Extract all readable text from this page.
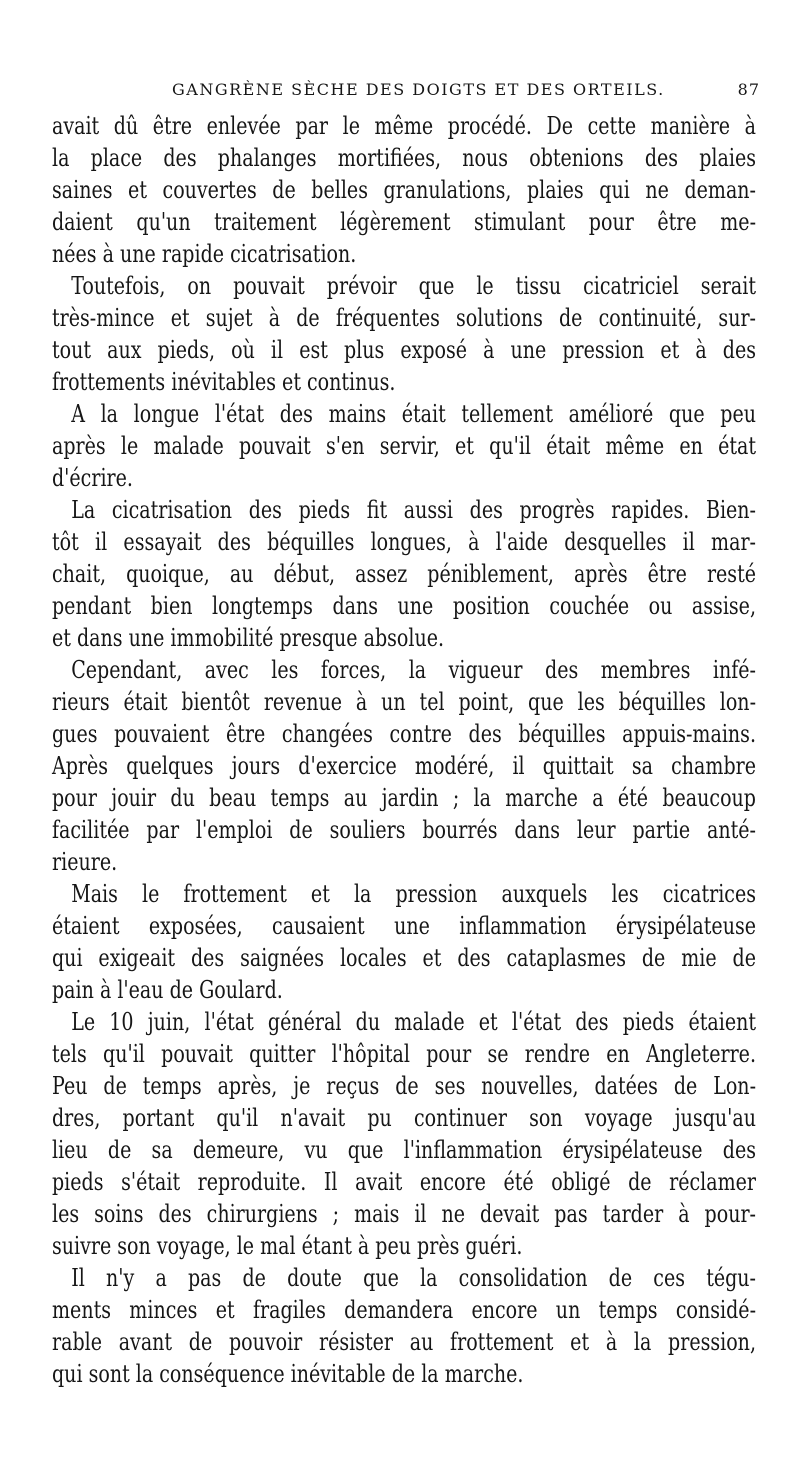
GANGRÈNE SÈCHE DES DOIGTS ET DES ORTEILS.	87
avait dû être enlevée par le même procédé. De cette manière à
la place des phalanges mortifiées, nous obtenions des plaies
saines et couvertes de belles granulations, plaies qui ne deman-
daient qu'un traitement légèrement stimulant pour être me-
nées à une rapide cicatrisation.
Toutefois, on pouvait prévoir que le tissu cicatriciel serait
très-mince et sujet à de fréquentes solutions de continuité, sur-
tout aux pieds, où il est plus exposé à une pression et à des
frottements inévitables et continus.
A la longue l'état des mains était tellement amélioré que peu
après le malade pouvait s'en servir, et qu'il était même en état
d'écrire.
La cicatrisation des pieds fit aussi des progrès rapides. Bien-
tôt il essayait des béquilles longues, à l'aide desquelles il mar-
chait, quoique, au début, assez péniblement, après être resté
pendant bien longtemps dans une position couchée ou assise,
et dans une immobilité presque absolue.
Cependant, avec les forces, la vigueur des membres infé-
rieurs était bientôt revenue à un tel point, que les béquilles lon-
gues pouvaient être changées contre des béquilles appuis-mains.
Après quelques jours d'exercice modéré, il quittait sa chambre
pour jouir du beau temps au jardin ; la marche a été beaucoup
facilitée par l'emploi de souliers bourrés dans leur partie anté-
rieure.
Mais le frottement et la pression auxquels les cicatrices
étaient exposées, causaient une inflammation érysipélateuse
qui exigeait des saignées locales et des cataplasmes de mie de
pain à l'eau de Goulard.
Le 10 juin, l'état général du malade et l'état des pieds étaient
tels qu'il pouvait quitter l'hôpital pour se rendre en Angleterre.
Peu de temps après, je reçus de ses nouvelles, datées de Lon-
dres, portant qu'il n'avait pu continuer son voyage jusqu'au
lieu de sa demeure, vu que l'inflammation érysipélateuse des
pieds s'était reproduite. Il avait encore été obligé de réclamer
les soins des chirurgiens ; mais il ne devait pas tarder à pour-
suivre son voyage, le mal étant à peu près guéri.
Il n'y a pas de doute que la consolidation de ces tégu-
ments minces et fragiles demandera encore un temps considé-
rable avant de pouvoir résister au frottement et à la pression,
qui sont la conséquence inévitable de la marche.
